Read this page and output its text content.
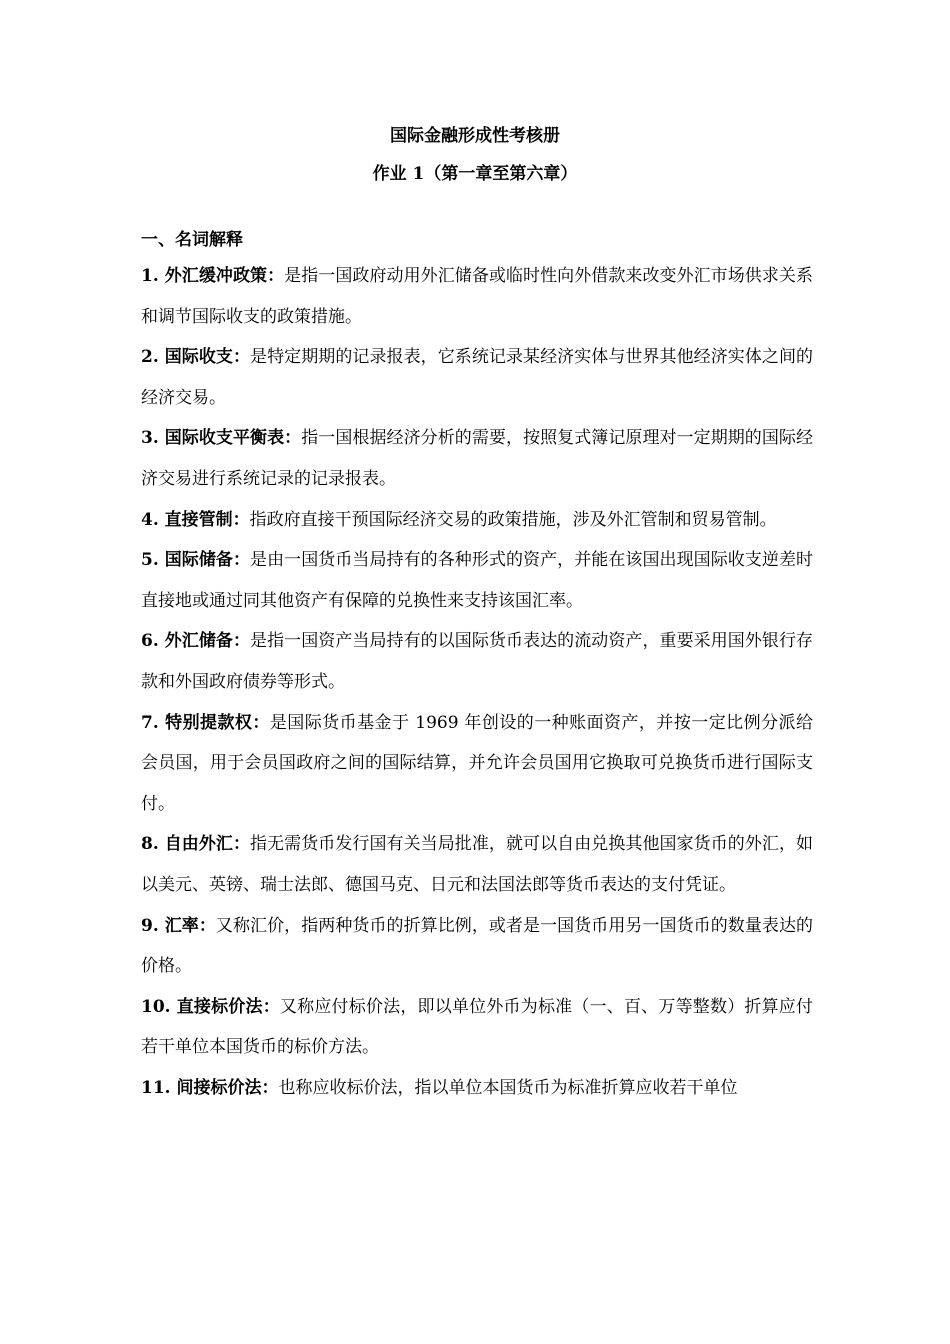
国际金融形成性考核册
作业 1（第一章至第六章）
一、名词解释

1. 外汇缓冲政策：是指一国政府动用外汇储备或临时性向外借款来改变外汇市场供求关系和调节国际收支的政策措施。

2. 国际收支：是特定期期的记录报表，它系统记录某经济实体与世界其他经济实体之间的经济交易。

3. 国际收支平衡表：指一国根据经济分析的需要，按照复式簿记原理对一定期期的国际经济交易进行系统记录的记录报表。

4. 直接管制：指政府直接干预国际经济交易的政策措施，涉及外汇管制和贸易管制。

5. 国际储备：是由一国货币当局持有的各种形式的资产，并能在该国出现国际收支逆差时直接地或通过同其他资产有保障的兑换性来支持该国汇率。

6. 外汇储备：是指一国资产当局持有的以国际货币表达的流动资产，重要采用国外银行存款和外国政府债券等形式。

7. 特别提款权：是国际货币基金于 1969 年创设的一种账面资产，并按一定比例分派给会员国，用于会员国政府之间的国际结算，并允许会员国用它换取可兑换货币进行国际支付。

8. 自由外汇：指无需货币发行国有关当局批准，就可以自由兑换其他国家货币的外汇，如以美元、英镑、瑞士法郎、德国马克、日元和法国法郎等货币表达的支付凭证。

9. 汇率：又称汇价，指两种货币的折算比例，或者是一国货币用另一国货币的数量表达的价格。

10. 直接标价法：又称应付标价法，即以单位外币为标准（一、百、万等整数）折算应付若干单位本国货币的标价方法。

11. 间接标价法：也称应收标价法，指以单位本国货币为标准折算应收若干单位
